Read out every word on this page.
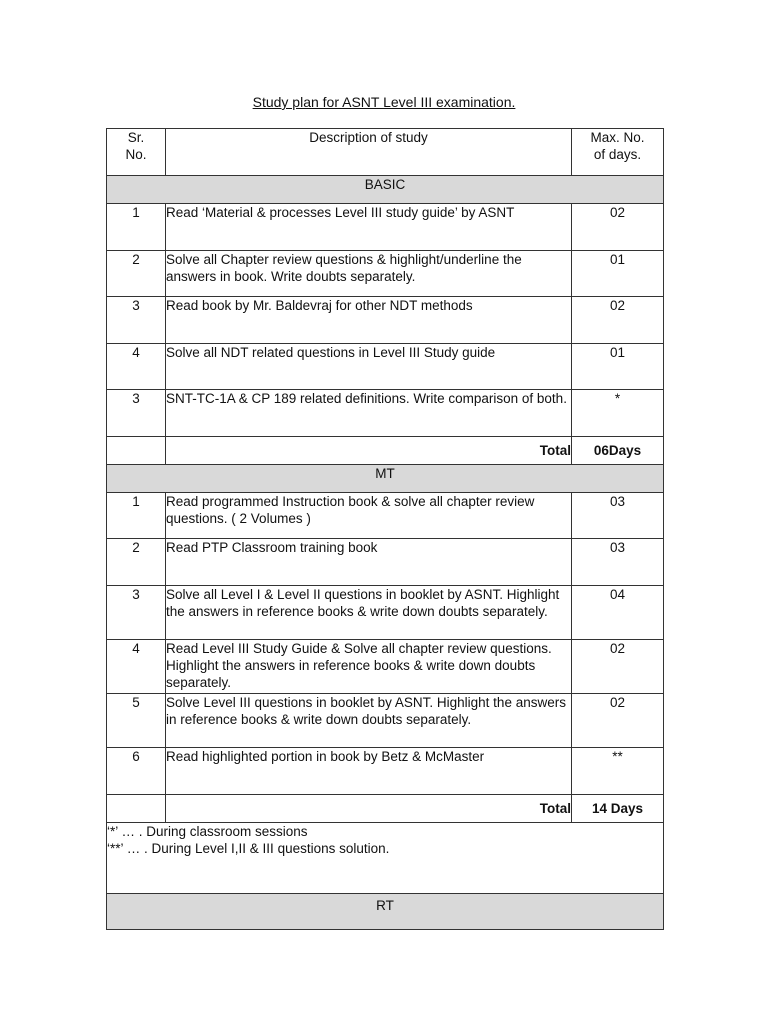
Study plan for ASNT Level III examination.
Sr.
No.	Description of study	Max. No.
of days.
BASIC		
1	Read ‘Material & processes Level III study guide’ by ASNT	02
2	Solve all Chapter review questions & highlight/underline the answers in book. Write doubts separately.	01
3	Read book by Mr. Baldevraj for other NDT methods	02
4	Solve all NDT related questions in Level III Study guide	01
3	SNT-TC-1A & CP 189 related definitions. Write comparison of both.	*
	Total	06Days
MT		
1	Read programmed Instruction book & solve all chapter review questions. ( 2 Volumes )	03
2	Read PTP Classroom training book	03
3	Solve all Level I & Level II questions in booklet by ASNT. Highlight the answers in reference books & write down doubts separately.	04
4	Read Level III Study Guide & Solve all chapter review questions. Highlight the answers in reference books & write down doubts separately.	02
5	Solve Level III questions in booklet by ASNT. Highlight the answers in reference books & write down doubts separately.	02
6	Read highlighted portion in book by Betz & McMaster	**
	Total	14 Days

‘*’ … . During classroom sessions
‘**’ … . During Level I,II & III questions solution.		

RT		
